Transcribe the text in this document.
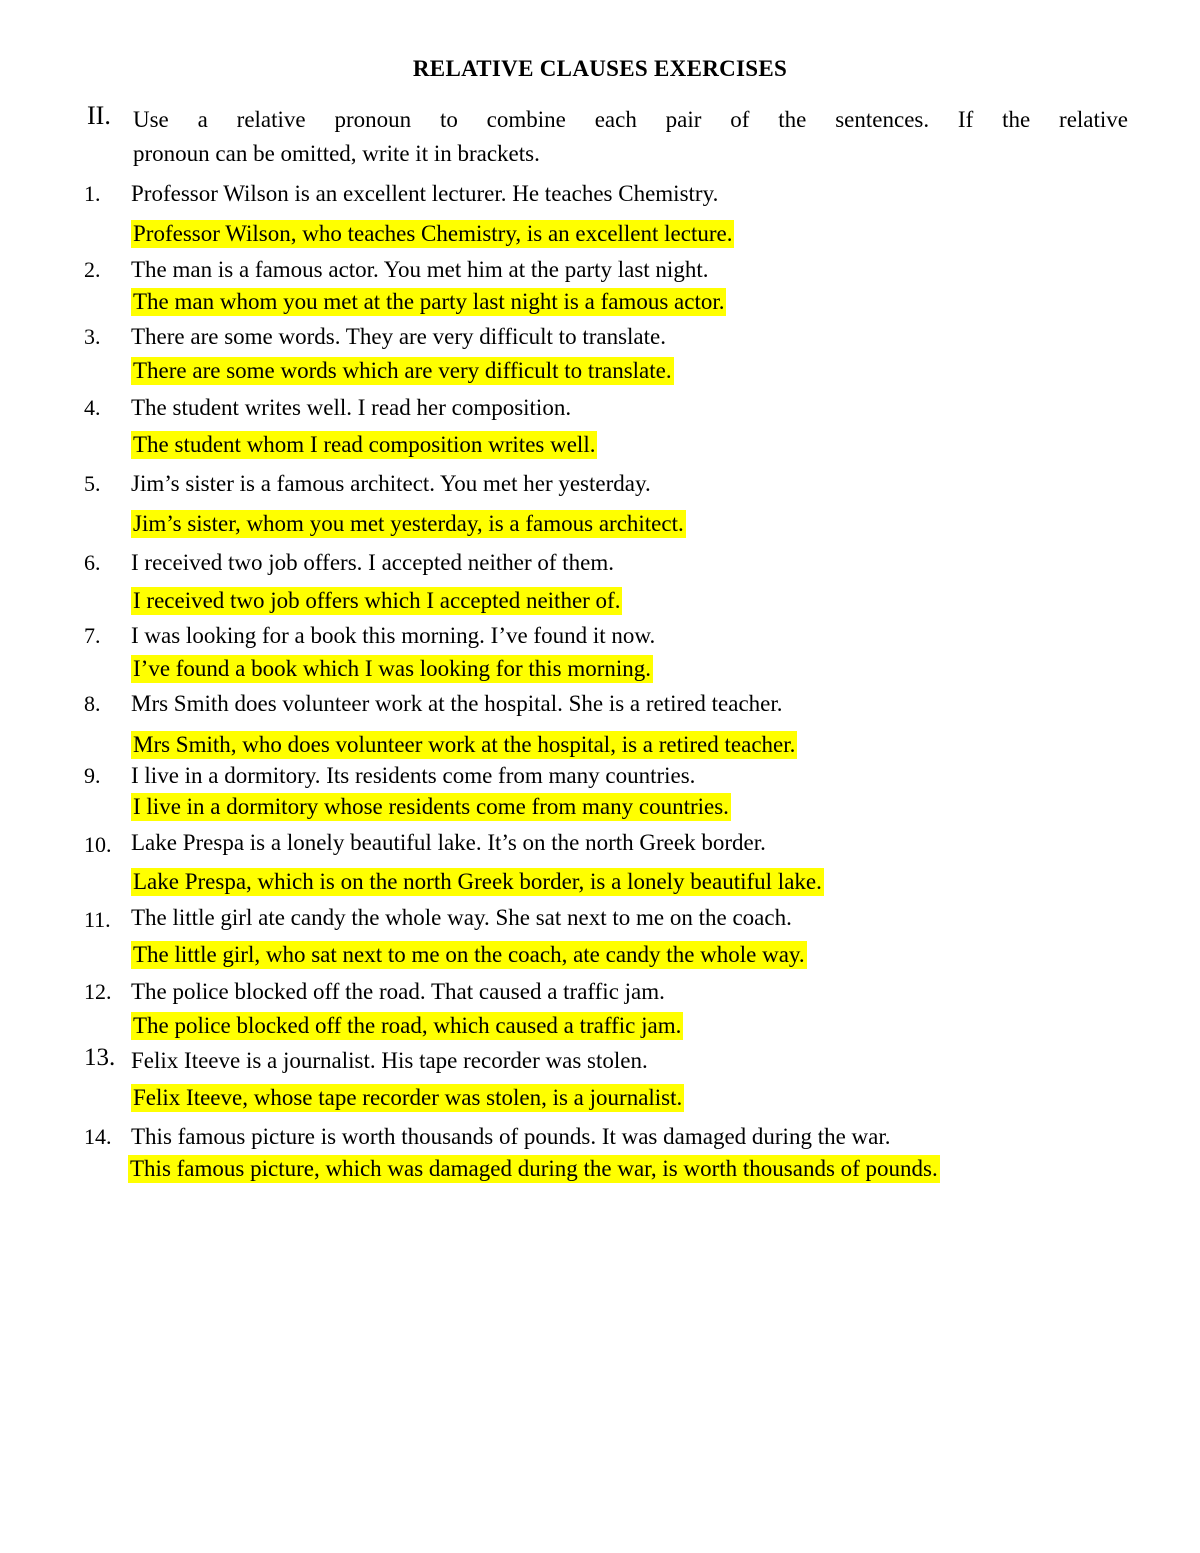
RELATIVE CLAUSES EXERCISES
II. Use a relative pronoun to combine each pair of the sentences. If the relative
pronoun can be omitted, write it in brackets.
1. Professor Wilson is an excellent lecturer. He teaches Chemistry.
Professor Wilson, who teaches Chemistry, is an excellent lecture.
2. The man is a famous actor. You met him at the party last night.
The man whom you met at the party last night is a famous actor.
3. There are some words. They are very difficult to translate.
There are some words which are very difficult to translate.
4. The student writes well. I read her composition.
The student whom I read composition writes well.
5. Jim’s sister is a famous architect. You met her yesterday.
Jim’s sister, whom you met yesterday, is a famous architect.
6. I received two job offers. I accepted neither of them.
I received two job offers which I accepted neither of.
7. I was looking for a book this morning. I’ve found it now.
I’ve found a book which I was looking for this morning.
8. Mrs Smith does volunteer work at the hospital. She is a retired teacher.
Mrs Smith, who does volunteer work at the hospital, is a retired teacher.
9. I live in a dormitory. Its residents come from many countries.
I live in a dormitory whose residents come from many countries.
10. Lake Prespa is a lonely beautiful lake. It’s on the north Greek border.
Lake Prespa, which is on the north Greek border, is a lonely beautiful lake.
11. The little girl ate candy the whole way. She sat next to me on the coach.
The little girl, who sat next to me on the coach, ate candy the whole way.
12. The police blocked off the road. That caused a traffic jam.
The police blocked off the road, which caused a traffic jam.
13. Felix Iteeve is a journalist. His tape recorder was stolen.
Felix Iteeve, whose tape recorder was stolen, is a journalist.
14. This famous picture is worth thousands of pounds. It was damaged during the war.
This famous picture, which was damaged during the war, is worth thousands of pounds.
